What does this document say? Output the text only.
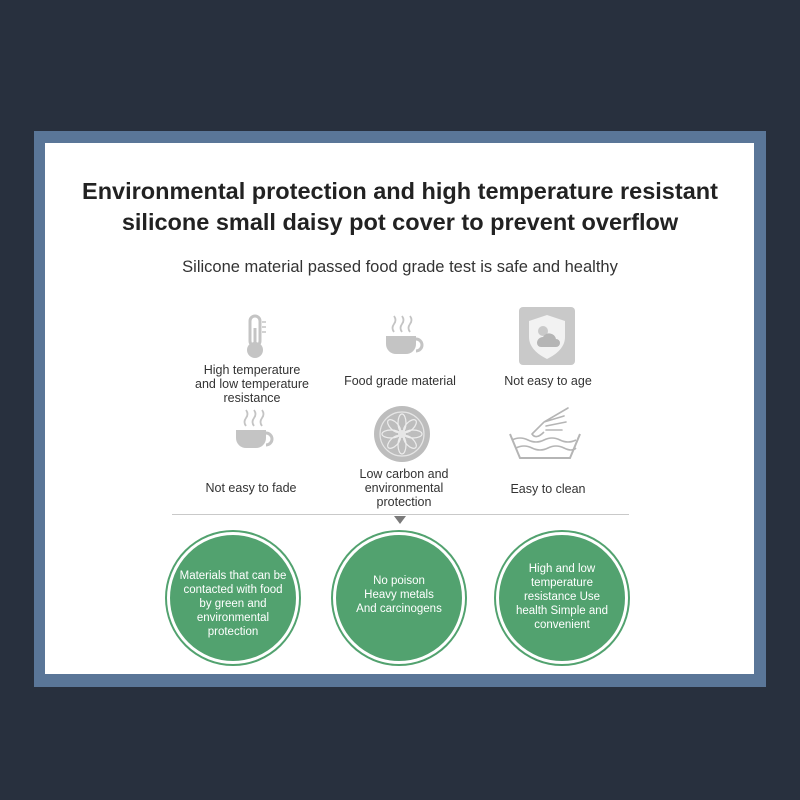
Environmental protection and high temperature resistant
silicone small daisy pot cover to prevent overflow
Silicone material passed food grade test is safe and healthy
High temperature
and low temperature
resistance
Food grade material	Not easy to age
Not easy to fade
Low carbon and
environmental
protection
Easy to clean
Materials that can be
contacted with food
by green and
environmental
protection
No poison
Heavy metals
And carcinogens
High and low
temperature
resistance Use
health Simple and
convenient
